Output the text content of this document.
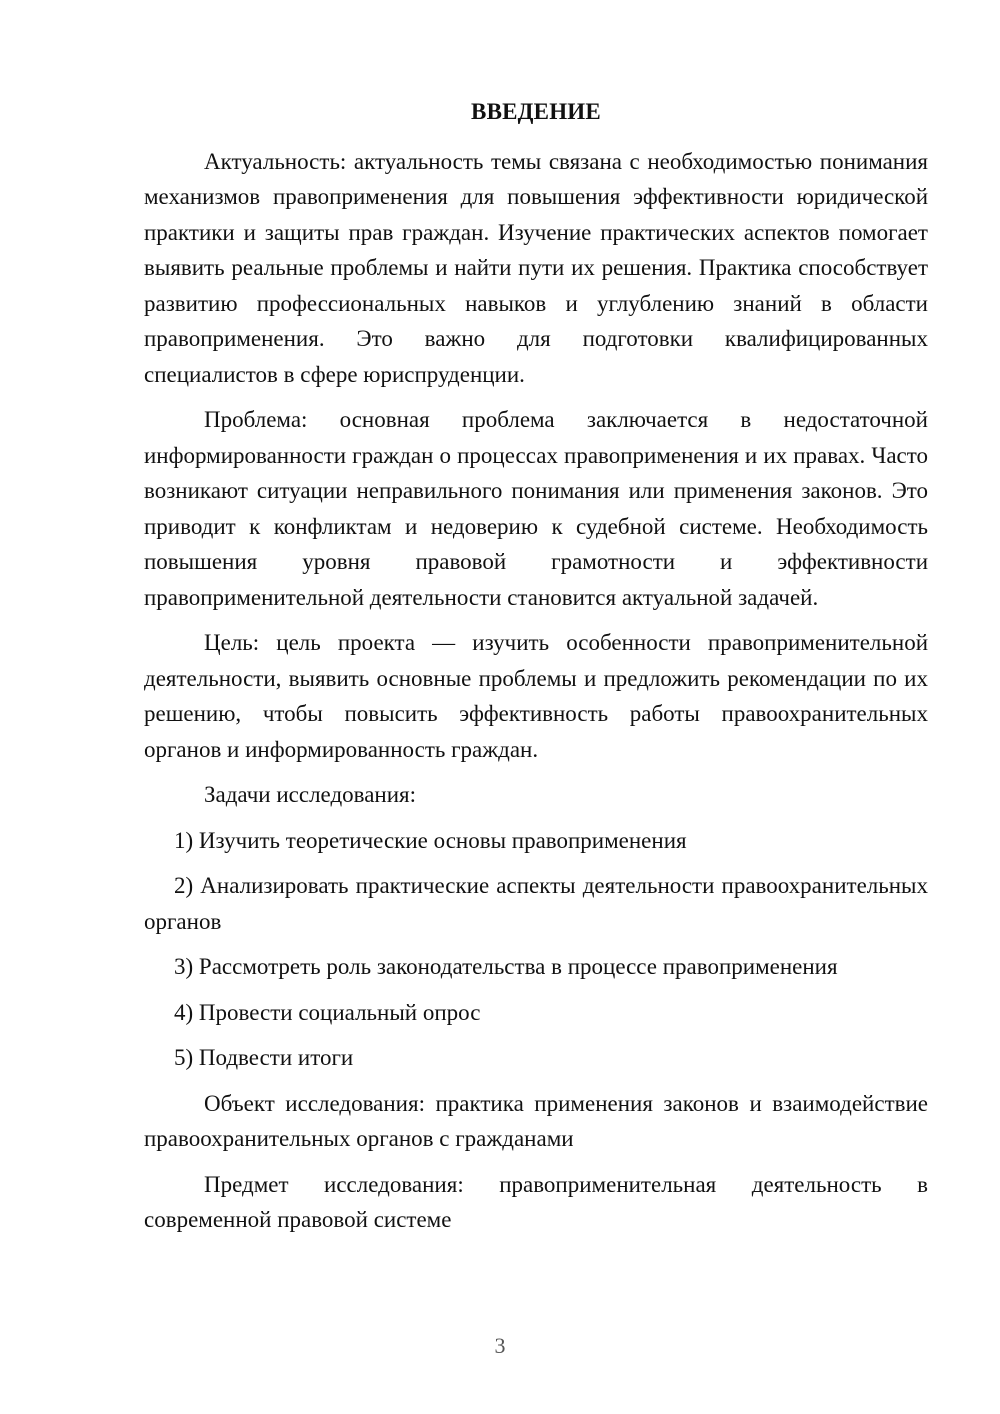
ВВЕДЕНИЕ

Актуальность: актуальность темы связана с необходимостью понимания механизмов правоприменения для повышения эффективности юридической практики и защиты прав граждан. Изучение практических аспектов помогает выявить реальные проблемы и найти пути их решения. Практика способствует развитию профессиональных навыков и углублению знаний в области правоприменения. Это важно для подготовки квалифицированных специалистов в сфере юриспруденции.

Проблема: основная проблема заключается в недостаточной информированности граждан о процессах правоприменения и их правах. Часто возникают ситуации неправильного понимания или применения законов. Это приводит к конфликтам и недоверию к судебной системе. Необходимость повышения уровня правовой грамотности и эффективности правоприменительной деятельности становится актуальной задачей.

Цель: цель проекта — изучить особенности правоприменительной деятельности, выявить основные проблемы и предложить рекомендации по их решению, чтобы повысить эффективность работы правоохранительных органов и информированность граждан.

Задачи исследования:

1) Изучить теоретические основы правоприменения

2) Анализировать практические аспекты деятельности правоохранительных органов

3) Рассмотреть роль законодательства в процессе правоприменения

4) Провести социальный опрос

5) Подвести итоги

Объект исследования: практика применения законов и взаимодействие правоохранительных органов с гражданами

Предмет исследования: правоприменительная деятельность в современной правовой системе

3
